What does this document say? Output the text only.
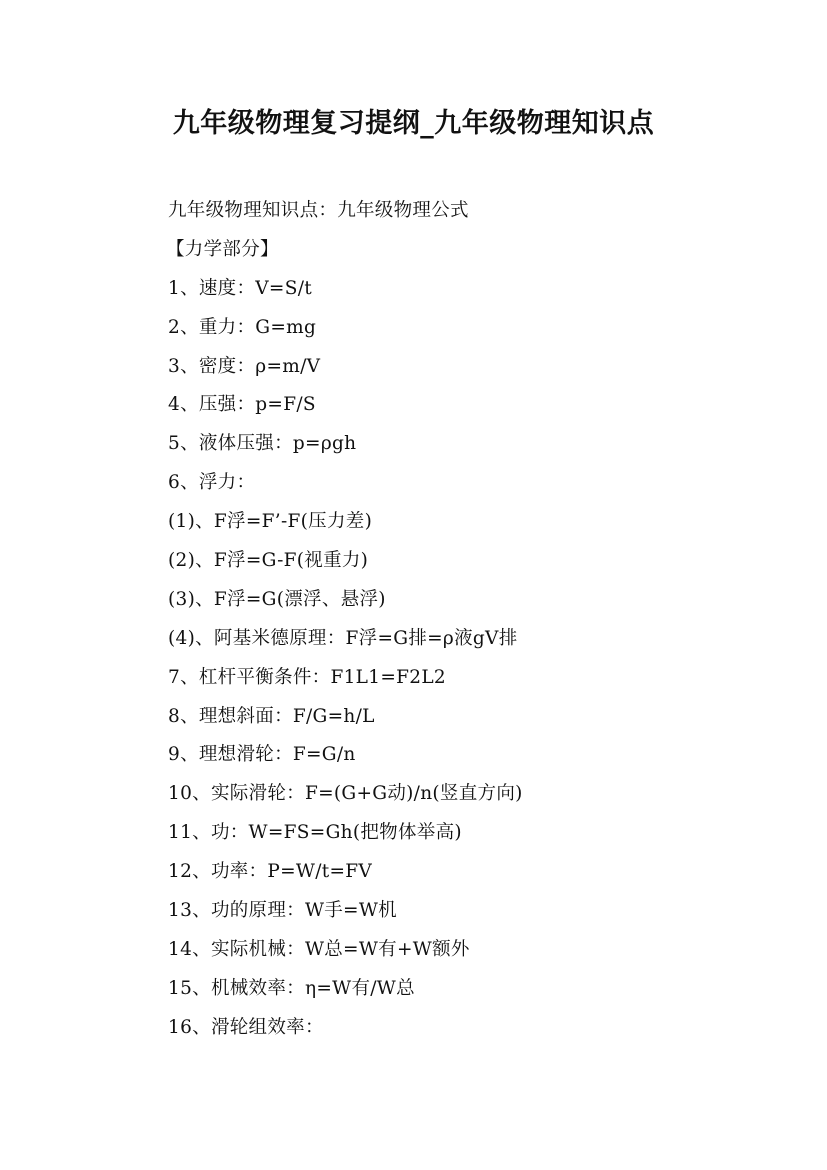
九年级物理复习提纲_九年级物理知识点
九年级物理知识点：九年级物理公式
【力学部分】
1、速度：V=S/t
2、重力：G=mg
3、密度：ρ=m/V
4、压强：p=F/S
5、液体压强：p=ρgh
6、浮力：
(1)、F浮=F’-F(压力差)
(2)、F浮=G-F(视重力)
(3)、F浮=G(漂浮、悬浮)
(4)、阿基米德原理：F浮=G排=ρ液gV排
7、杠杆平衡条件：F1L1=F2L2
8、理想斜面：F/G=h/L
9、理想滑轮：F=G/n
10、实际滑轮：F=(G+G动)/n(竖直方向)
11、功：W=FS=Gh(把物体举高)
12、功率：P=W/t=FV
13、功的原理：W手=W机
14、实际机械：W总=W有+W额外
15、机械效率：η=W有/W总
16、滑轮组效率：
